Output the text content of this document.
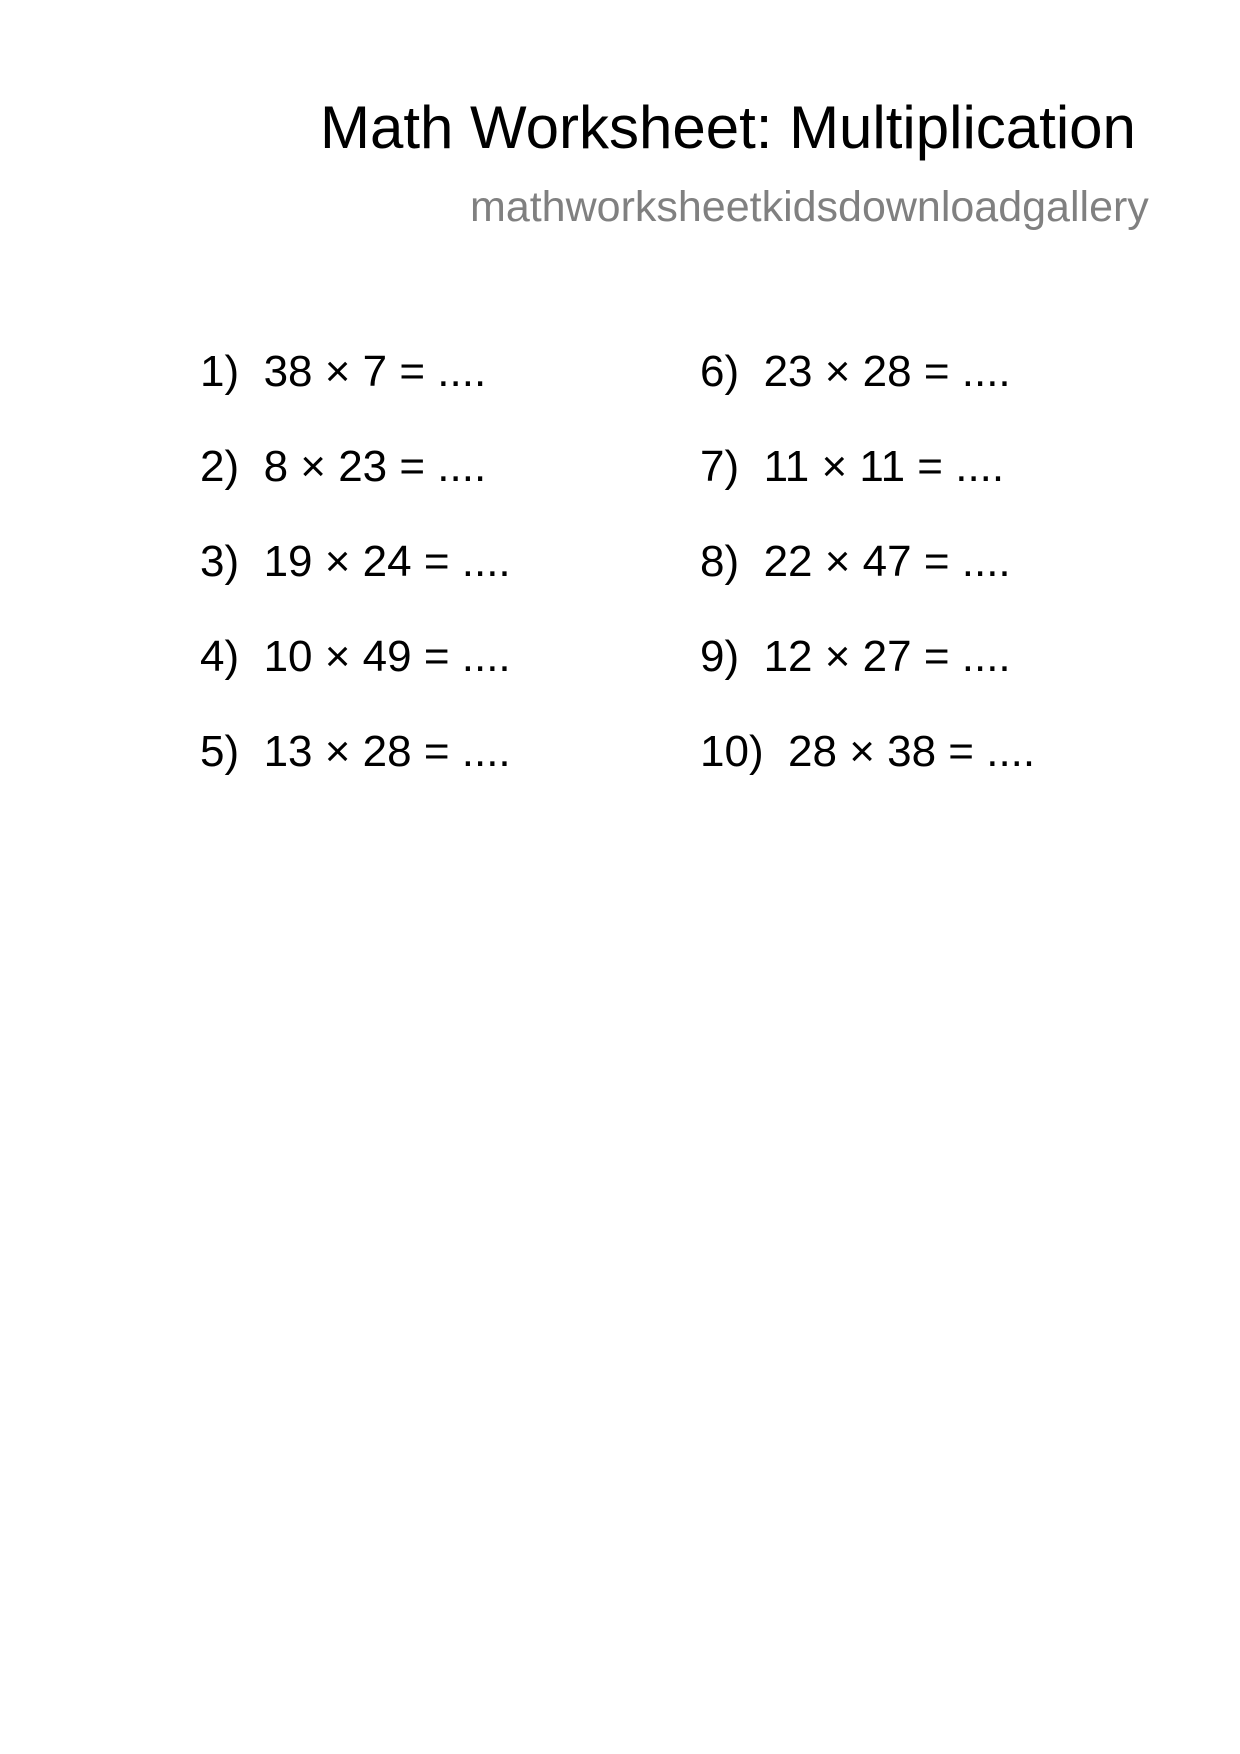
Math Worksheet: Multiplication
mathworksheetkidsdownloadgallery
1) 38 × 7 = ....
2) 8 × 23 = ....
3) 19 × 24 = ....
4) 10 × 49 = ....
5) 13 × 28 = ....
6) 23 × 28 = ....
7) 11 × 11 = ....
8) 22 × 47 = ....
9) 12 × 27 = ....
10) 28 × 38 = ....
